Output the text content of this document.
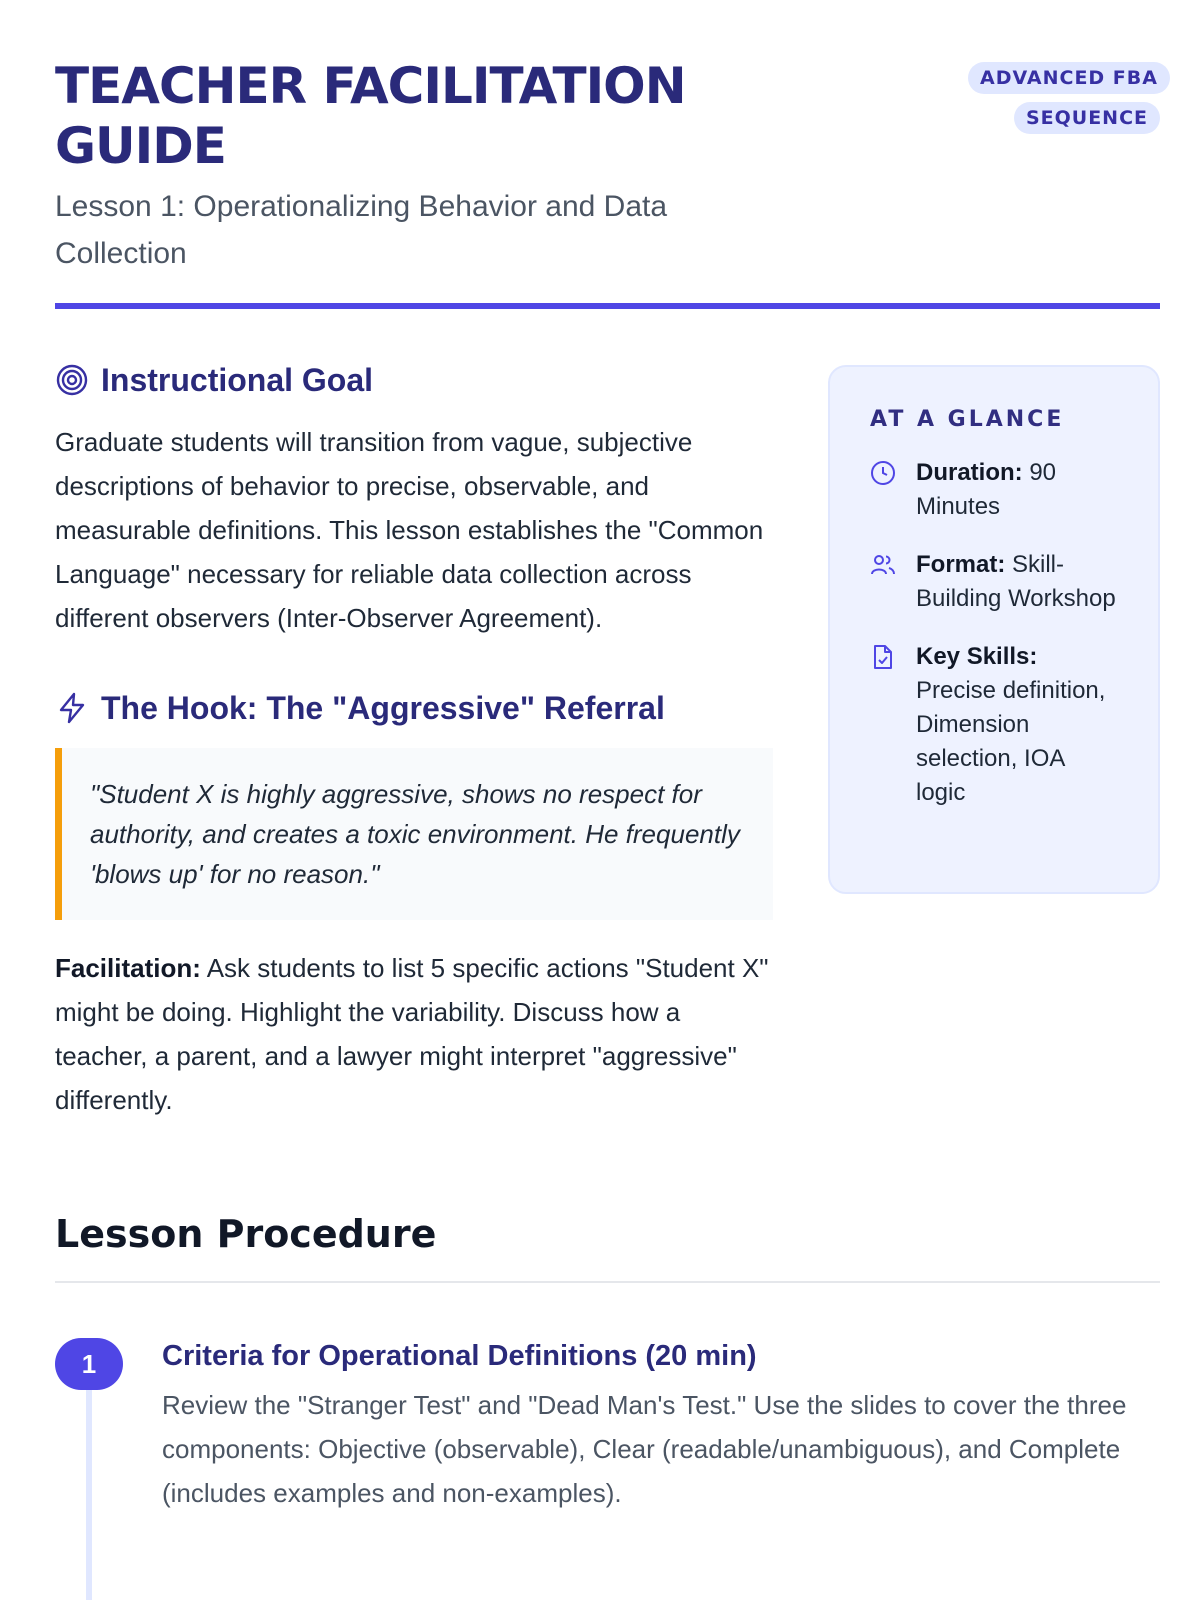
TEACHER FACILITATION GUIDE
Lesson 1: Operationalizing Behavior and Data Collection
ADVANCED FBA SEQUENCE
Instructional Goal

Graduate students will transition from vague, subjective descriptions of behavior to precise, observable, and measurable definitions. This lesson establishes the "Common Language" necessary for reliable data collection across different observers (Inter-Observer Agreement).

The Hook: The "Aggressive" Referral
"Student X is highly aggressive, shows no respect for authority, and creates a toxic environment. He frequently 'blows up' for no reason."

Facilitation: Ask students to list 5 specific actions "Student X" might be doing. Highlight the variability. Discuss how a teacher, a parent, and a lawyer might interpret "aggressive" differently.

AT A GLANCE
Duration: 90 Minutes
Format: Skill-Building Workshop
Key Skills: Precise definition, Dimension selection, IOA logic
Lesson Procedure
1	Criteria for Operational Definitions (20 min)

Review the "Stranger Test" and "Dead Man's Test." Use the slides to cover the three components: Objective (observable), Clear (readable/unambiguous), and Complete (includes examples and non-examples).
